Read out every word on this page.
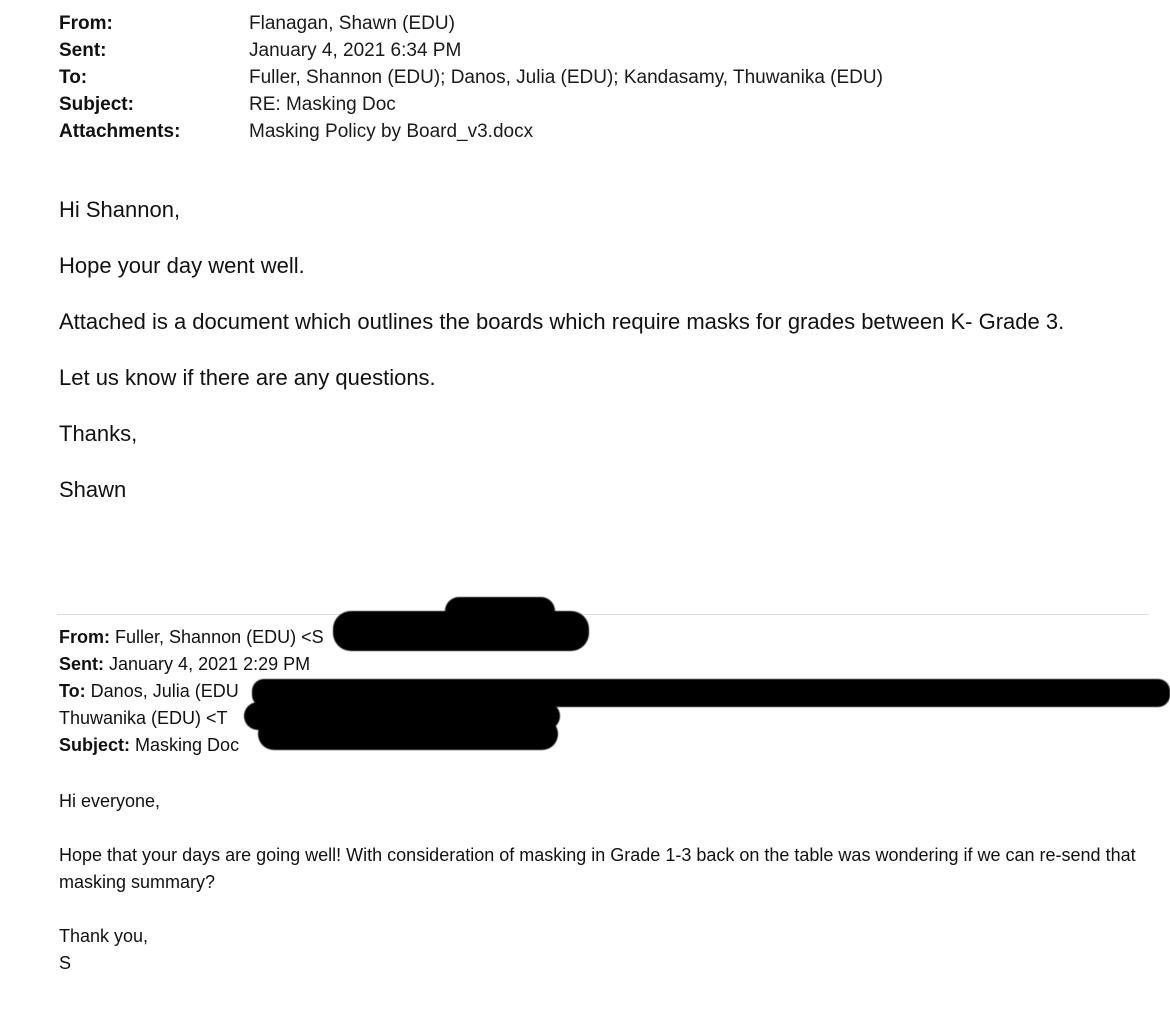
From:	Flanagan, Shawn (EDU)
Sent:	January 4, 2021 6:34 PM
To:	Fuller, Shannon (EDU); Danos, Julia (EDU); Kandasamy, Thuwanika (EDU)
Subject:	RE: Masking Doc
Attachments:	Masking Policy by Board_v3.docx

Hi Shannon,

Hope your day went well.

Attached is a document which outlines the boards which require masks for grades between K- Grade 3.

Let us know if there are any questions.

Thanks,

Shawn

From: Fuller, Shannon (EDU) <S
Sent: January 4, 2021 2:29 PM
To: Danos, Julia (EDU
Thuwanika (EDU) <T
Subject: Masking Doc

Hi everyone,

Hope that your days are going well! With consideration of masking in Grade 1-3 back on the table was wondering if we can re-send that masking summary?

Thank you,
S
